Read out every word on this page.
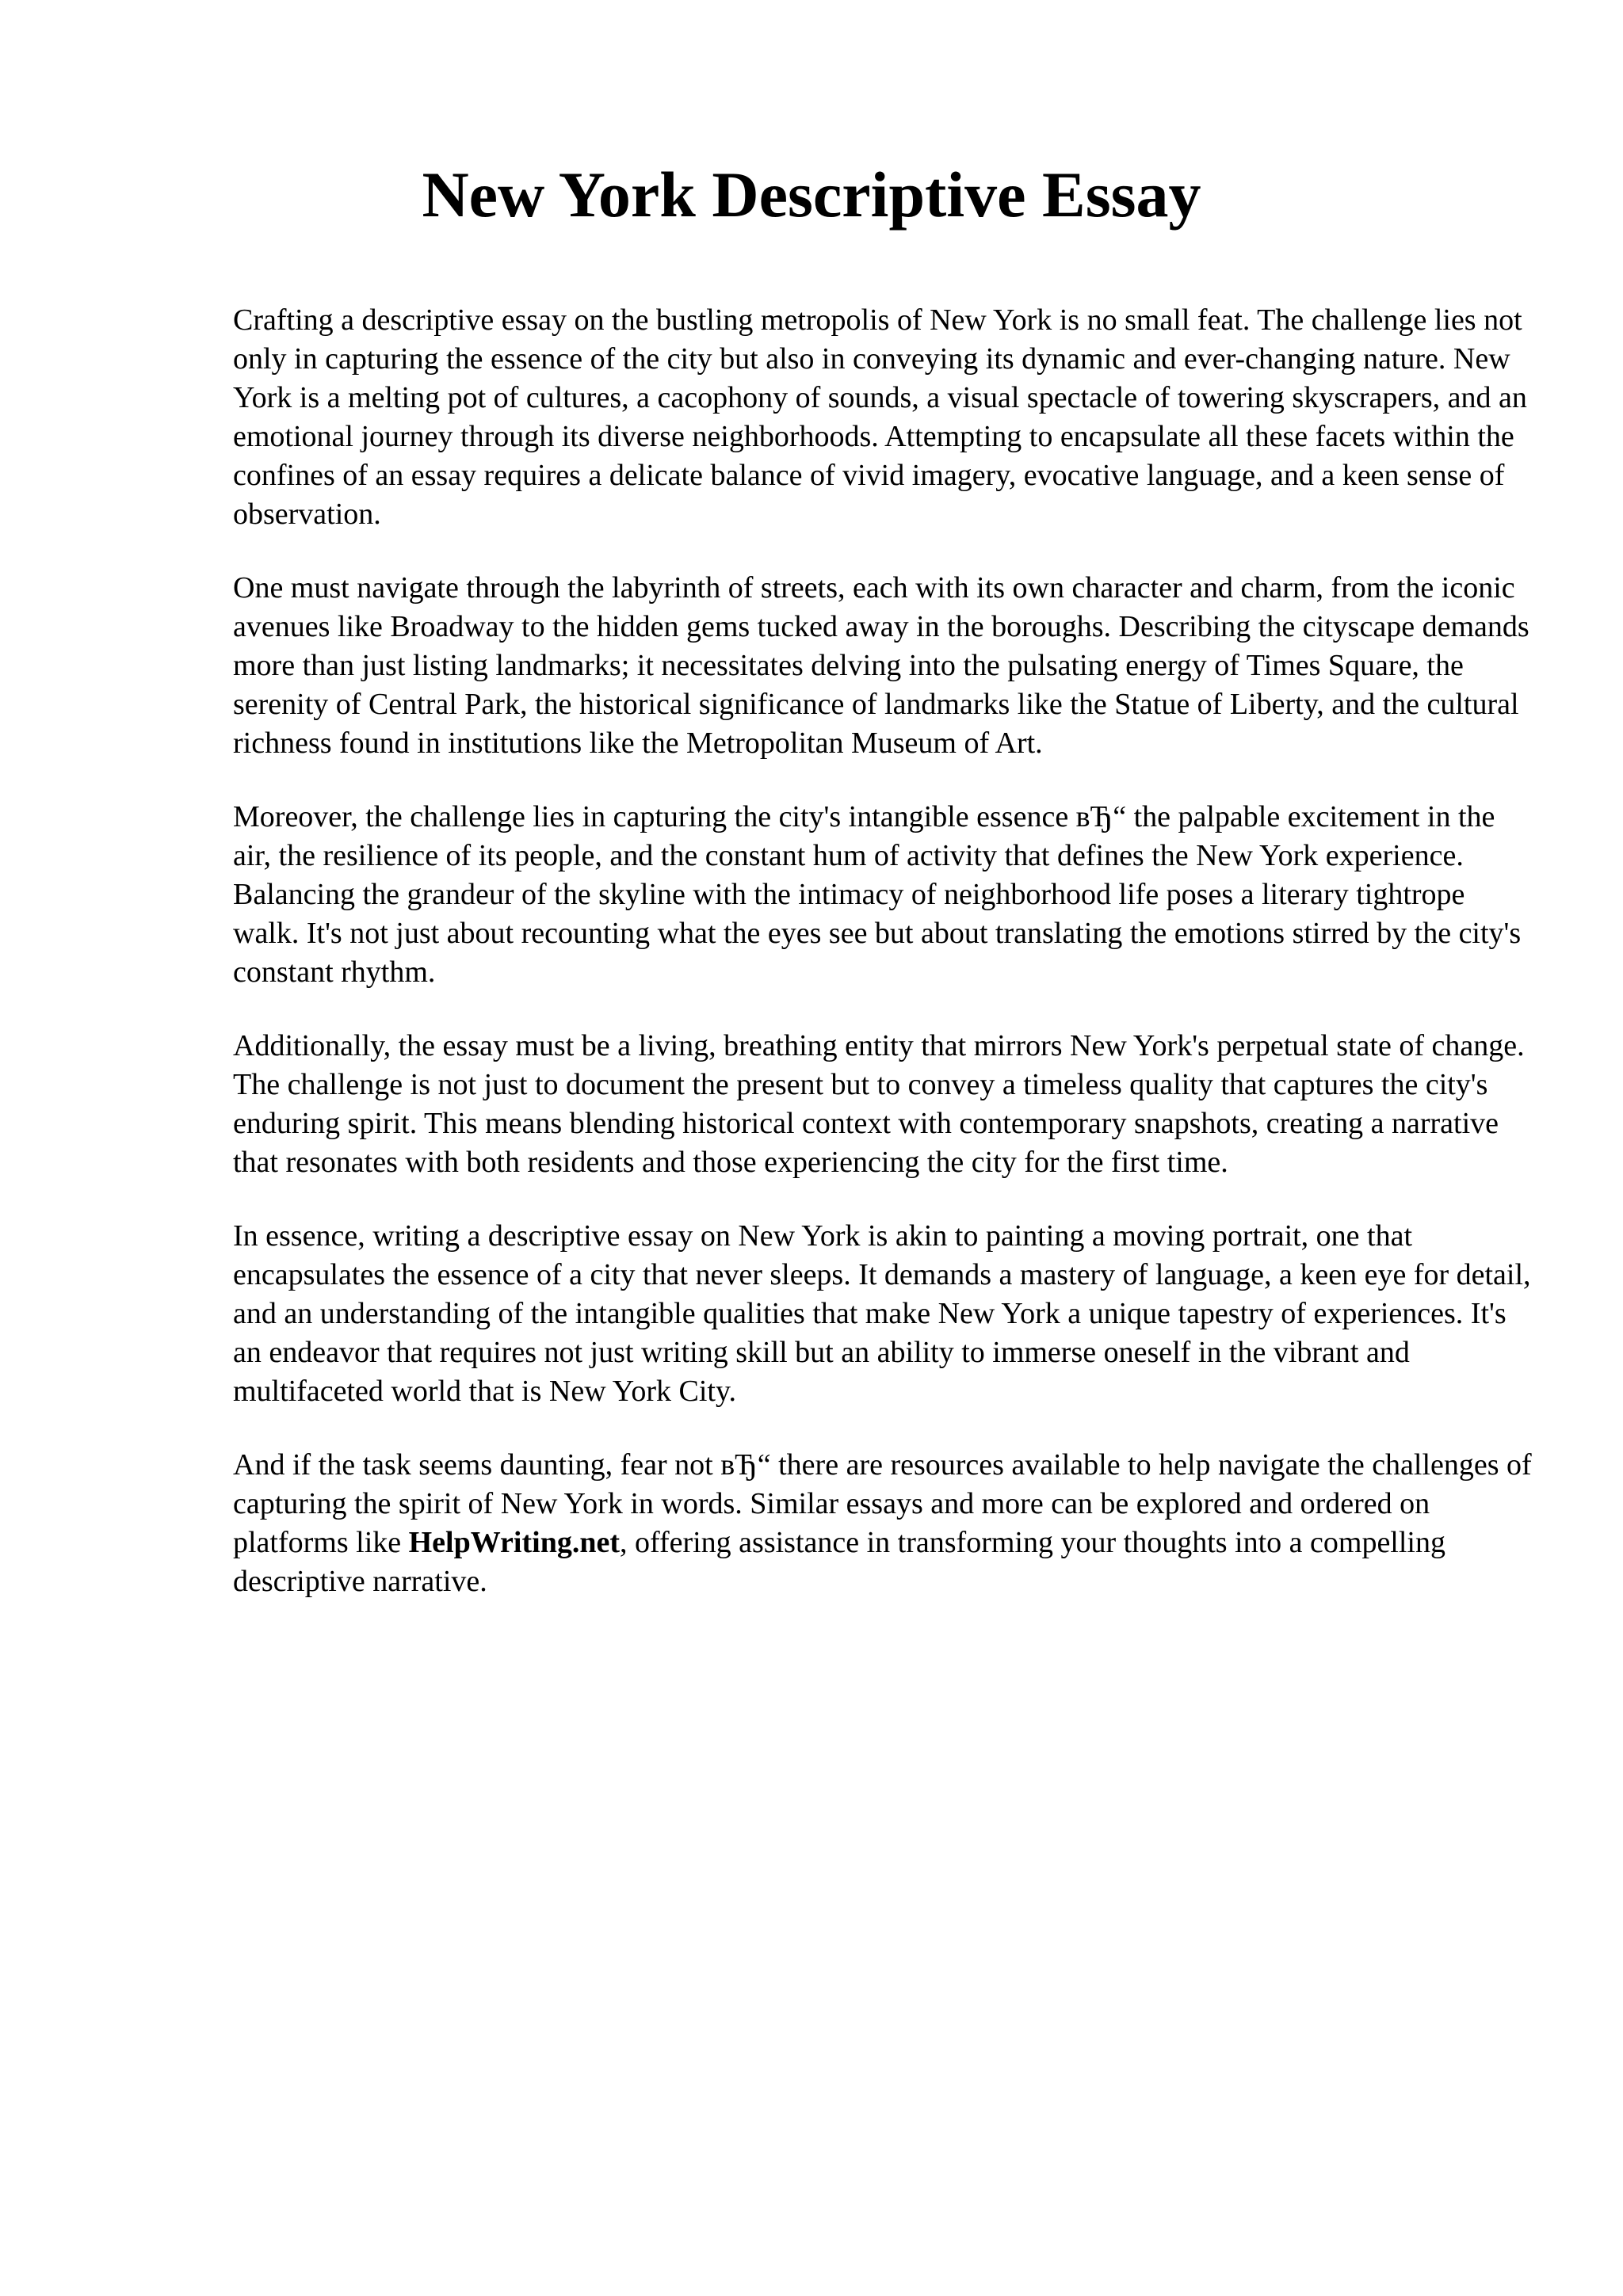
New York Descriptive Essay

Crafting a descriptive essay on the bustling metropolis of New York is no small feat. The challenge lies not only in capturing the essence of the city but also in conveying its dynamic and ever-changing nature. New York is a melting pot of cultures, a cacophony of sounds, a visual spectacle of towering skyscrapers, and an emotional journey through its diverse neighborhoods. Attempting to encapsulate all these facets within the confines of an essay requires a delicate balance of vivid imagery, evocative language, and a keen sense of observation.

One must navigate through the labyrinth of streets, each with its own character and charm, from the iconic avenues like Broadway to the hidden gems tucked away in the boroughs. Describing the cityscape demands more than just listing landmarks; it necessitates delving into the pulsating energy of Times Square, the serenity of Central Park, the historical significance of landmarks like the Statue of Liberty, and the cultural richness found in institutions like the Metropolitan Museum of Art.

Moreover, the challenge lies in capturing the city's intangible essence вЂ“ the palpable excitement in the air, the resilience of its people, and the constant hum of activity that defines the New York experience. Balancing the grandeur of the skyline with the intimacy of neighborhood life poses a literary tightrope walk. It's not just about recounting what the eyes see but about translating the emotions stirred by the city's constant rhythm.

Additionally, the essay must be a living, breathing entity that mirrors New York's perpetual state of change. The challenge is not just to document the present but to convey a timeless quality that captures the city's enduring spirit. This means blending historical context with contemporary snapshots, creating a narrative that resonates with both residents and those experiencing the city for the first time.

In essence, writing a descriptive essay on New York is akin to painting a moving portrait, one that encapsulates the essence of a city that never sleeps. It demands a mastery of language, a keen eye for detail, and an understanding of the intangible qualities that make New York a unique tapestry of experiences. It's an endeavor that requires not just writing skill but an ability to immerse oneself in the vibrant and multifaceted world that is New York City.

And if the task seems daunting, fear not вЂ“ there are resources available to help navigate the challenges of capturing the spirit of New York in words. Similar essays and more can be explored and ordered on platforms like HelpWriting.net, offering assistance in transforming your thoughts into a compelling descriptive narrative.
